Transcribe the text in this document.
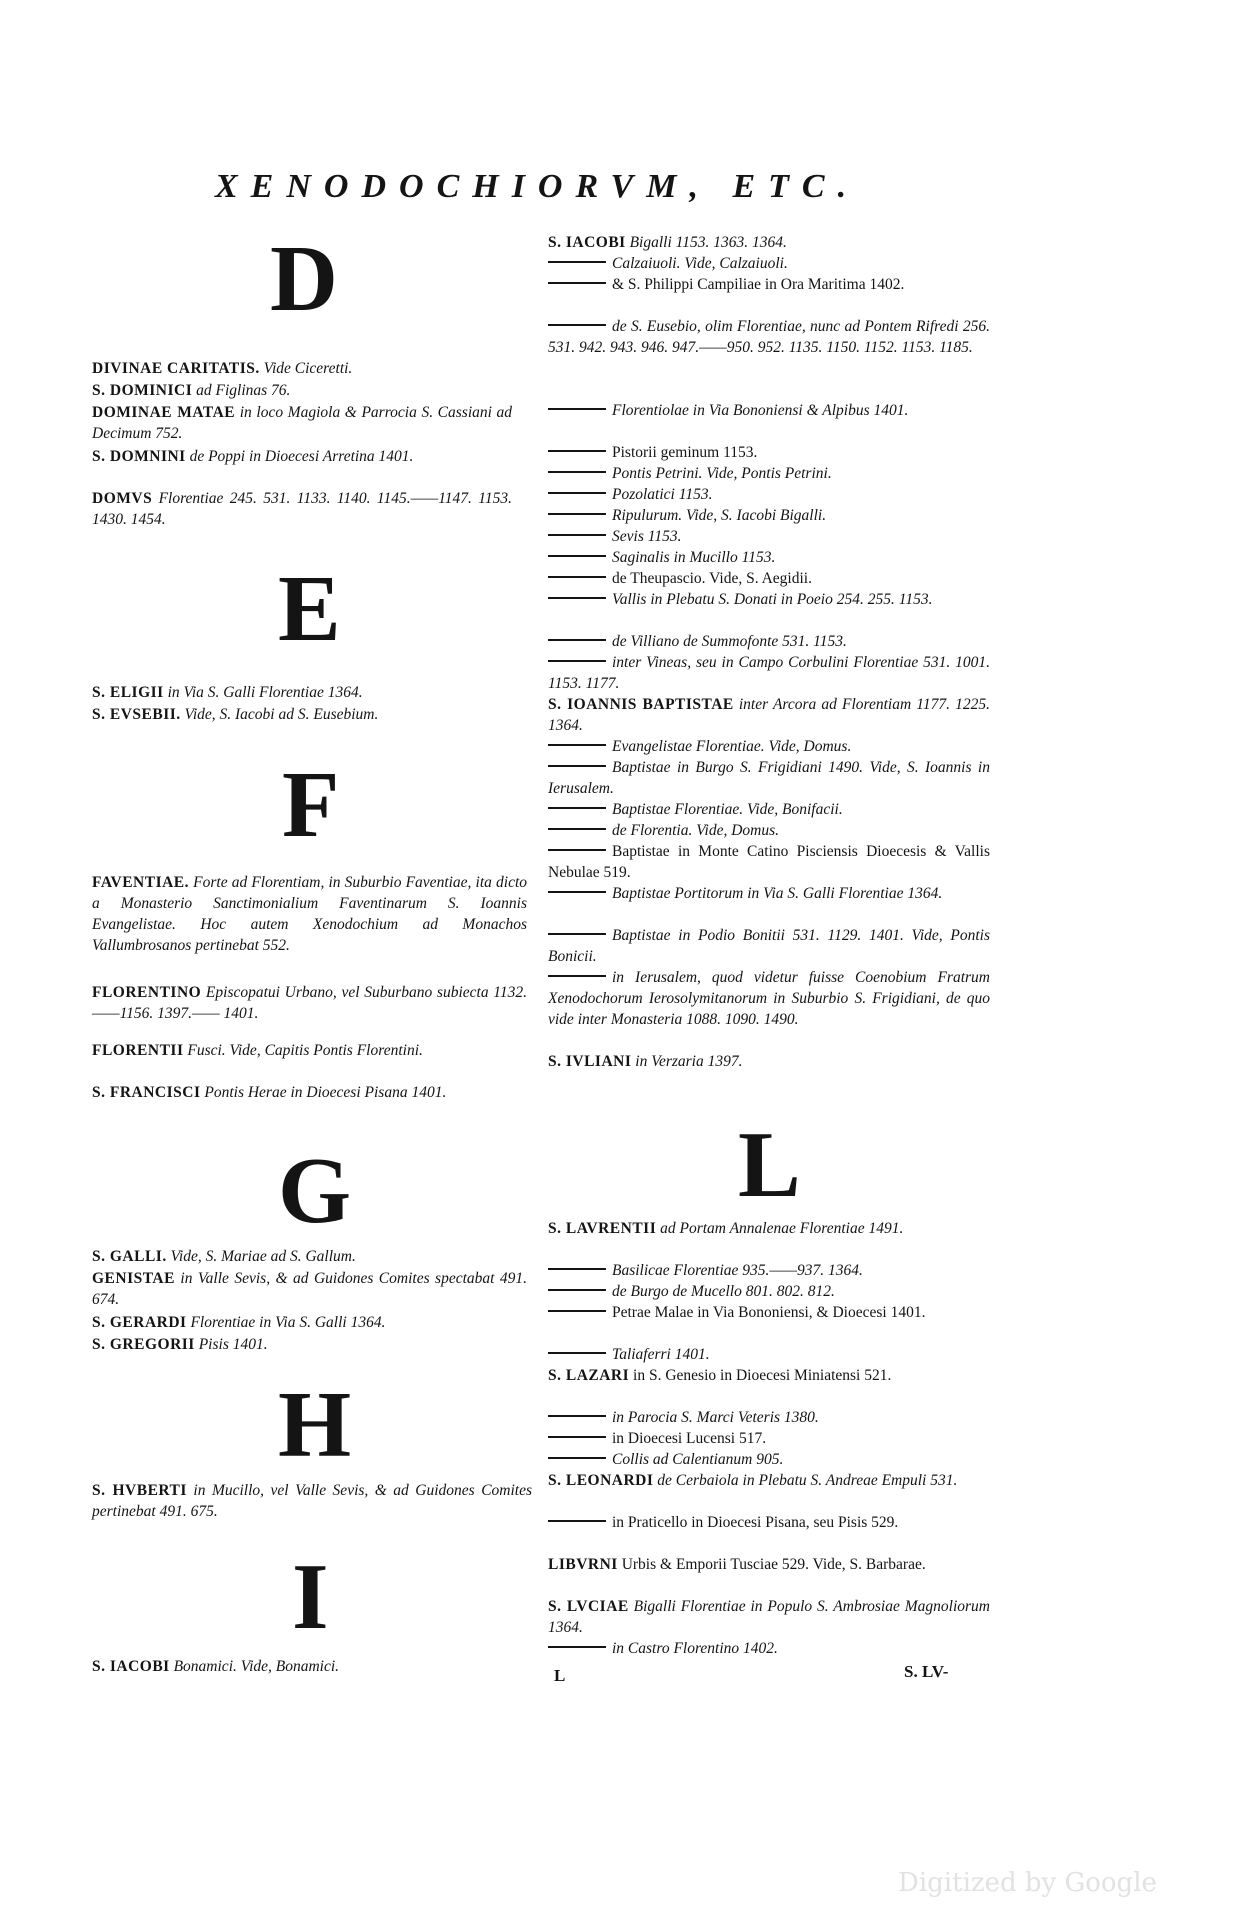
XENODOCHIORVM, ETC.
D
DIVINAE CARITATIS. Vide Ciceretti.
S. DOMINICI ad Figlinas 76.
DOMINAE MATAE in loco Magiola & Parrocia S. Cassiani ad Decimum 752.
S. DOMNINI de Poppi in Dioecesi Arretina 1401.
DOMVS Florentiae 245. 531. 1133. 1140. 1145.——1147. 1153. 1430. 1454.
E
S. ELIGII in Via S. Galli Florentiae 1364.
S. EVSEBII. Vide, S. Iacobi ad S. Eusebium.
F
FAVENTIAE. Forte ad Florentiam, in Suburbio Faventiae, ita dicto a Monasterio Sanctimonialium Faventinarum S. Ioannis Evangelistae. Hoc autem Xenodochium ad Monachos Vallumbrosanos pertinebat 552.
FLORENTINO Episcopatui Urbano, vel Suburbano subiecta 1132.——1156. 1397.—— 1401.
FLORENTII Fusci. Vide, Capitis Pontis Florentini.
S. FRANCISCI Pontis Herae in Dioecesi Pisana 1401.
G
S. GALLI. Vide, S. Mariae ad S. Gallum.
GENISTAE in Valle Sevis, & ad Guidones Comites spectabat 491. 674.
S. GERARDI Florentiae in Via S. Galli 1364.
S. GREGORII Pisis 1401.
H
S. HVBERTI in Mucillo, vel Valle Sevis, & ad Guidones Comites pertinebat 491. 675.
I
S. IACOBI Bonamici. Vide, Bonamici.
S. IACOBI Bigalli 1153. 1363. 1364.
Calzaiuoli. Vide, Calzaiuoli.
& S. Philippi Campiliae in Ora Maritima 1402.
de S. Eusebio, olim Florentiae, nunc ad Pontem Rifredi 256. 531. 942. 943. 946. 947.——950. 952. 1135. 1150. 1152. 1153. 1185.
Florentiolae in Via Bononiensi & Alpibus 1401.
Pistorii geminum 1153.
Pontis Petrini. Vide, Pontis Petrini.
Pozolatici 1153.
Ripulurum. Vide, S. Iacobi Bigalli.
Sevis 1153.
Saginalis in Mucillo 1153.
de Theupascio. Vide, S. Aegidii.
Vallis in Plebatu S. Donati in Poeio 254. 255. 1153.
de Villiano de Summofonte 531. 1153.
inter Vineas, seu in Campo Corbulini Florentiae 531. 1001. 1153. 1177.
S. IOANNIS BAPTISTAE inter Arcora ad Florentiam 1177. 1225. 1364.
Evangelistae Florentiae. Vide, Domus.
Baptistae in Burgo S. Frigidiani 1490. Vide, S. Ioannis in Ierusalem.
Baptistae Florentiae. Vide, Bonifacii.
de Florentia. Vide, Domus.
Baptistae in Monte Catino Pisciensis Dioecesis & Vallis Nebulae 519.
Baptistae Portitorum in Via S. Galli Florentiae 1364.
Baptistae in Podio Bonitii 531. 1129. 1401. Vide, Pontis Bonicii.
in Ierusalem, quod videtur fuisse Coenobium Fratrum Xenodochorum Ierosolymitanorum in Suburbio S. Frigidiani, de quo vide inter Monasteria 1088. 1090. 1490.
S. IVLIANI in Verzaria 1397.
L
S. LAVRENTII ad Portam Annalenae Florentiae 1491.
Basilicae Florentiae 935.——937. 1364.
de Burgo de Mucello 801. 802. 812.
Petrae Malae in Via Bononiensi, & Dioecesi 1401.
Taliaferri 1401.
S. LAZARI in S. Genesio in Dioecesi Miniatensi 521.
in Parocia S. Marci Veteris 1380.
in Dioecesi Lucensi 517.
Collis ad Calentianum 905.
S. LEONARDI de Cerbaiola in Plebatu S. Andreae Empuli 531.
in Praticello in Dioecesi Pisana, seu Pisis 529.
LIBVRNI Urbis & Emporii Tusciae 529. Vide, S. Barbarae.
S. LVCIAE Bigalli Florentiae in Populo S. Ambrosiae Magnoliorum 1364.
in Castro Florentino 1402.
L	S. LV-
Digitized by Google
